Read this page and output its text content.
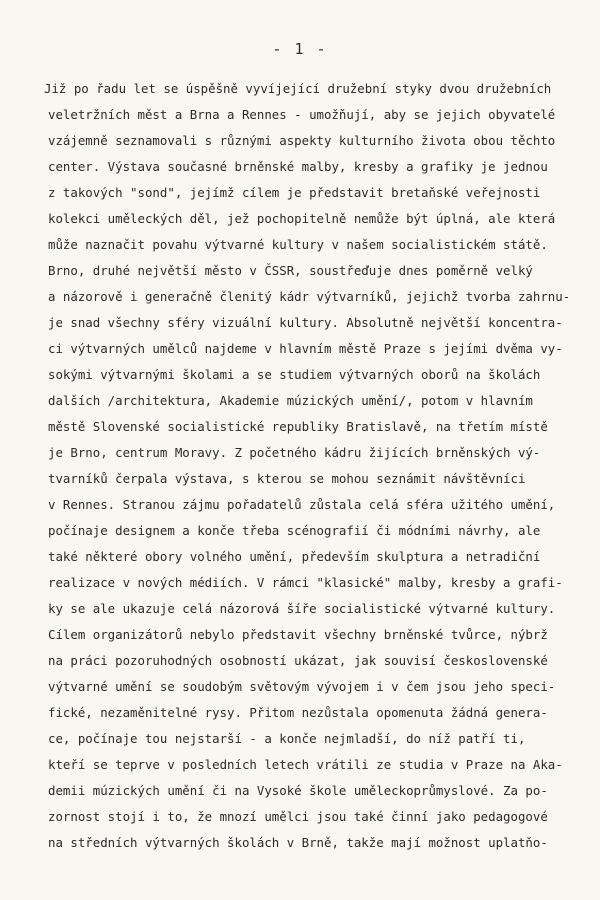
- 1 -
Již po řadu let se úspěšně vyvíjející družební styky dvou družebních
veletržních měst a Brna a Rennes - umožňují, aby se jejich obyvatelé
vzájemně seznamovali s různými aspekty kulturního života obou těchto
center. Výstava současné brněnské malby, kresby a grafiky je jednou
z takových "sond", jejímž cílem je představit bretaňské veřejnosti
kolekci uměleckých děl, jež pochopitelně nemůže být úplná, ale která
může naznačit povahu výtvarné kultury v našem socialistickém státě.
Brno, druhé největší město v ČSSR, soustřeďuje dnes poměrně velký
a názorově i generačně členitý kádr výtvarníků, jejichž tvorba zahrnu-
je snad všechny sféry vizuální kultury. Absolutně největší koncentra-
ci výtvarných umělců najdeme v hlavním městě Praze s jejími dvěma vy-
sokými výtvarnými školami a se studiem výtvarných oborů na školách
dalších /architektura, Akademie múzických umění/, potom v hlavním
městě Slovenské socialistické republiky Bratislavě, na třetím místě
je Brno, centrum Moravy. Z početného kádru žijících brněnských vý-
tvarníků čerpala výstava, s kterou se mohou seznámit návštěvníci
v Rennes. Stranou zájmu pořadatelů zůstala celá sféra užitého umění,
počínaje designem a konče třeba scénografií či módními návrhy, ale
také některé obory volného umění, především skulptura a netradiční
realizace v nových médiích. V rámci "klasické" malby, kresby a grafi-
ky se ale ukazuje celá názorová šíře socialistické výtvarné kultury.
Cílem organizátorů nebylo představit všechny brněnské tvůrce, nýbrž
na práci pozoruhodných osobností ukázat, jak souvisí československé
výtvarné umění se soudobým světovým vývojem i v čem jsou jeho speci-
fické, nezaměnitelné rysy. Přitom nezůstala opomenuta žádná genera-
ce, počínaje tou nejstarší - a konče nejmladší, do níž patří ti,
kteří se teprve v posledních letech vrátili ze studia v Praze na Aka-
demii múzických umění či na Vysoké škole uměleckoprůmyslové. Za po-
zornost stojí i to, že mnozí umělci jsou také činní jako pedagogové
na středních výtvarných školách v Brně, takže mají možnost uplatňo-
